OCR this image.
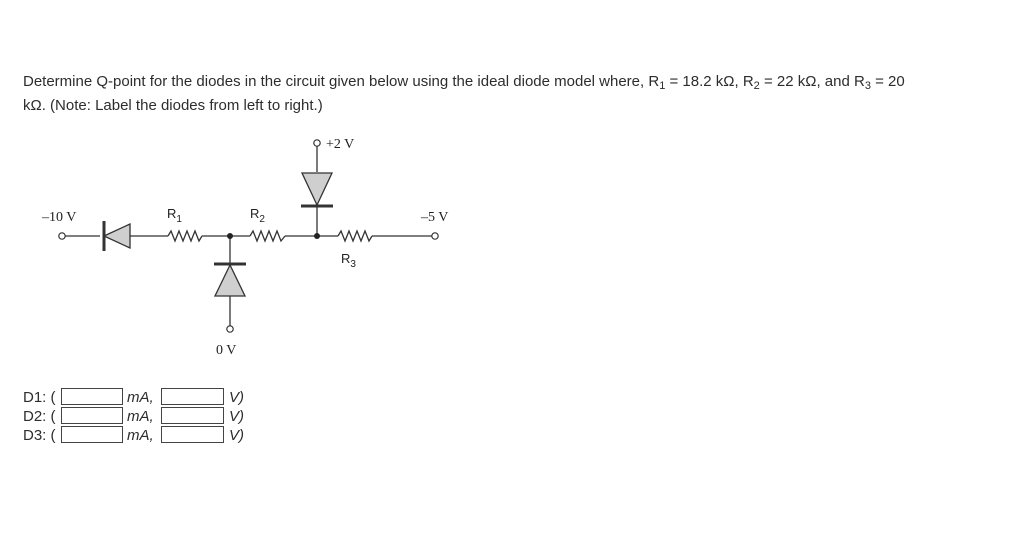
Determine Q-point for the diodes in the circuit given below using the ideal diode model where, $R_1 = 18.2$ kΩ, $R_2 = 22$ kΩ, and $R_3 = 20$
kΩ. (Note: Label the diodes from left to right.)
–10 V
+2 V
–5 V
0 V
$R_1$	$R_2$
$R_3$
D1: (	mA,	V)
D2: (	mA,	V)
D3: (	mA,	V)
